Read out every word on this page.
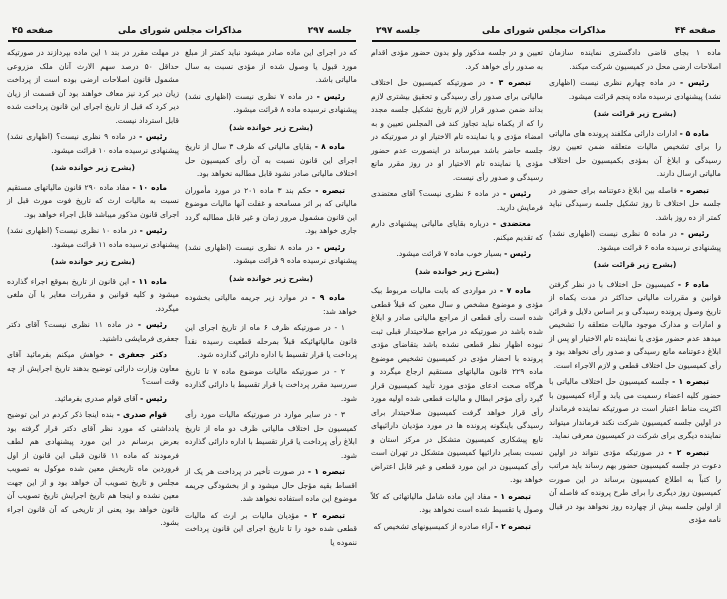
صفحه ۴۵	مذاکرات مجلس شورای ملی	جلسه ۲۹۷

که در اجرای این ماده صادر میشود نباید کمتر از مبلغ مورد قبول یا وصول شده از مؤدی نسبت به سال مالیاتی باشد.

رئیس - در ماده ۷ نظری نیست (اظهاری نشد) پیشنهادی نرسیده ماده ۸ قرائت میشود.

(بشرح زیر خوانده شد)

ماده ۸ - بقایای مالیاتی که ظرف ۳ سال از تاریخ اجرای این قانون نسبت به آن رأی کمیسیون حل اختلاف مالیاتی صادر نشود قابل مطالبه نخواهد بود.

تبصره - حکم بند ۳ ماده ۲۰۱ در مورد مأموران مالیاتی که بر اثر مسامحه و غفلت آنها مالیات موضوع این قانون مشمول مرور زمان و غیر قابل مطالبه گردد جاری خواهد بود.

رئیس - در ماده ۸ نظری نیست (اظهاری نشد) پیشنهادی نرسیده ماده ۹ قرائت میشود.

(بشرح زیر خوانده شد)

ماده ۹ - در موارد زیر جریمه مالیاتی بخشوده خواهد شد:

۱ - در صورتیکه ظرف ۶ ماه از تاریخ اجرای این قانون مالیاتهائیکه قبلاً بمرحله قطعیت رسیده نقداً پرداخت یا قرار تقسیط با اداره دارائی گذارده شود.

۲ - در صورتیکه مالیات موضوع ماده ۷ تا تاریخ سررسید مقرر پرداخت یا قرار تقسیط با دارائی گذارده شود.

۳ - در سایر موارد در صورتیکه مالیات مورد رأی کمیسیون حل اختلاف مالیاتی ظرف دو ماه از تاریخ ابلاغ رأی پرداخت یا قرار تقسیط با اداره دارائی گذارده شود.

تبصره ۱ - در صورت تأخیر در پرداخت هر یک از اقساط بقیه مؤجل حال میشود و از بخشودگی جریمه موضوع این ماده استفاده نخواهد شد.

تبصره ۲ - مؤدیان مالیات بر ارث که مالیات قطعی شده خود را تا تاریخ اجرای این قانون پرداخت ننموده یا

در مهلت مقرر در بند ۱ این ماده بپردازند در صورتیکه حداقل ۵۰ درصد سهم الارث آنان ملک مزروعی مشمول قانون اصلاحات ارضی بوده است از پرداخت زیان دیر کرد نیز معاف خواهند بود آن قسمت از زیان دیر کرد که قبل از تاریخ اجرای این قانون پرداخت شده قابل استرداد نیست.

رئیس - در ماده ۹ نظری نیست؟ (اظهاری نشد) پیشنهادی نرسیده ماده ۱۰ قرائت میشود.

(بشرح زیر خوانده شد)

ماده ۱۰ - مفاد ماده ۲۹۰ قانون مالیاتهای مستقیم نسبت به مالیات ارث که تاریخ فوت مورث قبل از اجرای قانون مذکور میباشد قابل اجراء خواهد بود.

رئیس - در ماده ۱۰ نظری نیست؟ (اظهاری نشد) پیشنهادی نرسیده ماده ۱۱ قرائت میشود.

(بشرح زیر خوانده شد)

ماده ۱۱ - این قانون از تاریخ بموقع اجراء گذارده میشود و کلیه قوانین و مقررات مغایر با آن ملغی میگردد.

رئیس - در ماده ۱۱ نظری نیست؟ آقای دکتر جعفری فرمایشی داشتید.

دکتر جعفری - خواهش میکنم بفرمائید آقای معاون وزارت دارائی توضیح بدهند تاریخ اجرایش از چه وقت است؟

رئیس - آقای قوام صدری بفرمائید.

قوام صدری - بنده اینجا ذکر کردم در این توضیح یادداشتی که مورد نظر آقای دکتر قرار گرفته بود بعرض برسانم در این مورد پیشنهادی هم لطف فرمودند که ماده ۱۱ قانون قبلی این قانون از اول فروردین ماه تاریخش معین شده موکول به تصویب مجلس و تاریخ تصویب آن خواهد بود و از این جهت معین نشده و اینجا هم تاریخ اجرایش تاریخ تصویب آن قانون خواهد بود یعنی از تاریخی که آن قانون اجراء بشود.

جلسه ۲۹۷	مذاکرات مجلس شورای ملی	صفحه ۴۴

ماده ۱ بجای قاضی دادگستری نماینده سازمان اصلاحات ارضی محل در کمیسیون شرکت میکند.

رئیس - در ماده چهارم نظری نیست (اظهاری نشد) پیشنهادی نرسیده ماده پنجم قرائت میشود.

(بشرح زیر قرائت شد)

ماده ۵ - ادارات دارائی مکلفند پرونده های مالیاتی را برای تشخیص مالیات متعلقه ضمن تعیین روز رسیدگی و ابلاغ آن بمؤدی بکمیسیون حل اختلاف مالیاتی ارسال دارند.

تبصره - فاصله بین ابلاغ دعوتنامه برای حضور در جلسه حل اختلاف تا روز تشکیل جلسه رسیدگی نباید کمتر از ده روز باشد.

رئیس - در ماده ۵ نظری نیست (اظهاری نشد) پیشنهادی نرسیده ماده ۶ قرائت میشود.

(بشرح زیر قرائت شد)

ماده ۶ - کمیسیون حل اختلاف با در نظر گرفتن قوانین و مقررات مالیاتی حداکثر در مدت یکماه از تاریخ وصول پرونده رسیدگی و بر اساس دلایل و قرائن و امارات و مدارک موجود مالیات متعلقه را تشخیص میدهد عدم حضور مؤدی یا نماینده تام الاختیار او پس از ابلاغ دعوتنامه مانع رسیدگی و صدور رأی نخواهد بود و رأی کمیسیون حل اختلاف قطعی و لازم الاجراء است.

تبصره ۱ - جلسه کمیسیون حل اختلاف مالیاتی با حضور کلیه اعضاء رسمیت می یابد و آراء کمیسیون با اکثریت مناط اعتبار است در صورتیکه نماینده فرماندار در اولین جلسه کمیسیون شرکت نکند فرماندار میتواند نماینده دیگری برای شرکت در کمیسیون معرفی نماید.

تبصره ۲ - در صورتیکه مؤدی نتواند در اولین دعوت در جلسه کمیسیون حضور بهم رساند باید مراتب را کتباً به اطلاع کمیسیون برساند در این صورت کمیسیون روز دیگری را برای طرح پرونده که فاصله آن از اولین جلسه بیش از چهارده روز نخواهد بود در قبال نامه مؤدی

تعیین و در جلسه مذکور ولو بدون حضور مؤدی اقدام به صدور رأی خواهد کرد.

تبصره ۳ - در صورتیکه کمیسیون حل اختلاف مالیاتی برای صدور رأی رسیدگی و تحقیق بیشتری لازم بداند ضمن صدور قرار لازم تاریخ تشکیل جلسه مجدد را که از یکماه نباید تجاوز کند فی المجلس تعیین و به امضاء مؤدی و یا نماینده تام الاختیار او در صورتیکه در جلسه حاضر باشد میرساند در اینصورت عدم حضور مؤدی یا نماینده تام الاختیار او در روز مقرر مانع رسیدگی و صدور رأی نیست.

رئیس - در ماده ۶ نظری نیست؟ آقای معتضدی فرمایش دارید.

معتضدی - درباره بقایای مالیاتی پیشنهادی دارم که تقدیم میکنم.

رئیس - بسیار خوب ماده ۷ قرائت میشود.

(بشرح زیر خوانده شد)

ماده ۷ - در مواردی که بابت مالیات مربوط بیک مؤدی و موضوع مشخص و سال معین که قبلاً قطعی شده است رأی قطعی از مراجع مالیاتی صادر و ابلاغ شده باشد در صورتیکه در مراجع صلاحیتدار قبلی ثبت نبوده اظهار نظر قطعی نشده باشد بتقاضای مؤدی پرونده با احضار مؤدی در کمیسیون تشخیص موضوع ماده ۲۲۹ قانون مالیاتهای مستقیم ارجاع میگردد و هرگاه صحت ادعای مؤدی مورد تأیید کمیسیون قرار گیرد رأی مؤخر ابطال و مالیات قطعی شده اولیه مورد رأی قرار خواهد گرفت کمیسیون صلاحیتدار برای رسیدگی باینگونه پرونده ها در مورد مؤدیان دارائیهای تابع پیشکاری کمیسیون متشکل در مرکز استان و نسبت بسایر دارائیها کمیسیون متشکل در تهران است رأی کمیسیون در این مورد قطعی و غیر قابل اعتراض خواهد بود.

تبصره ۱ - مفاد این ماده شامل مالیاتهائی که کلاً وصول یا تقسیط شده است نخواهد بود.

تبصره ۲ - آراء صادره از کمیسیونهای تشخیص که
